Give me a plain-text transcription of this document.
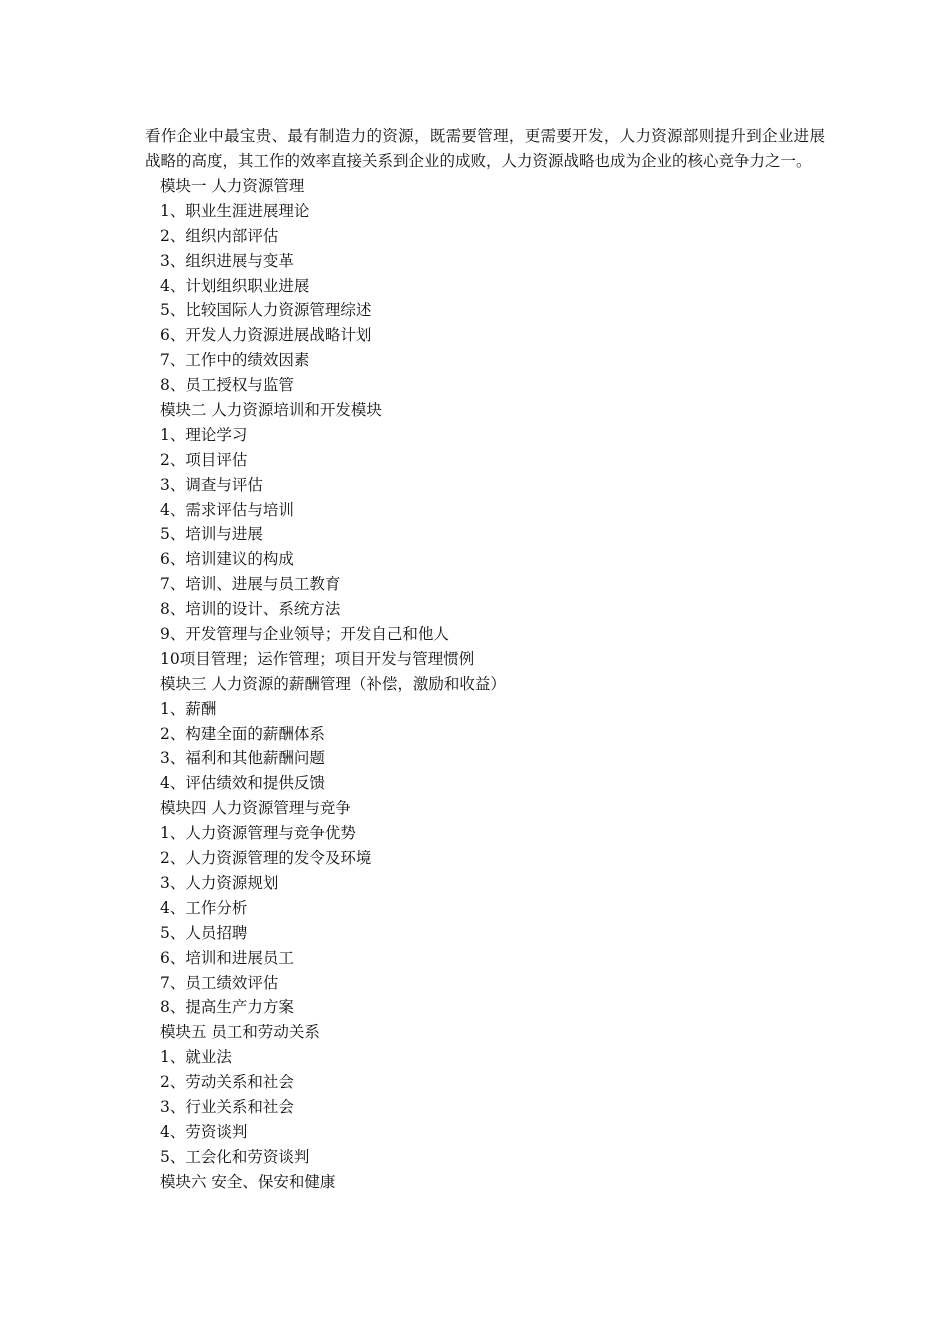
看作企业中最宝贵、最有制造力的资源，既需要管理，更需要开发，人力资源部则提升到企业进展战略的高度，其工作的效率直接关系到企业的成败，人力资源战略也成为企业的核心竞争力之一。

模块一 人力资源管理
1、职业生涯进展理论
2、组织内部评估
3、组织进展与变革
4、计划组织职业进展
5、比较国际人力资源管理综述
6、开发人力资源进展战略计划
7、工作中的绩效因素
8、员工授权与监管
模块二 人力资源培训和开发模块
1、理论学习
2、项目评估
3、调查与评估
4、需求评估与培训
5、培训与进展
6、培训建议的构成
7、培训、进展与员工教育
8、培训的设计、系统方法
9、开发管理与企业领导；开发自己和他人
10项目管理；运作管理；项目开发与管理惯例
模块三 人力资源的薪酬管理（补偿，激励和收益）
1、薪酬
2、构建全面的薪酬体系
3、福利和其他薪酬问题
4、评估绩效和提供反馈
模块四 人力资源管理与竞争
1、人力资源管理与竞争优势
2、人力资源管理的发令及环境
3、人力资源规划
4、工作分析
5、人员招聘
6、培训和进展员工
7、员工绩效评估
8、提高生产力方案
模块五 员工和劳动关系
1、就业法
2、劳动关系和社会
3、行业关系和社会
4、劳资谈判
5、工会化和劳资谈判
模块六 安全、保安和健康
